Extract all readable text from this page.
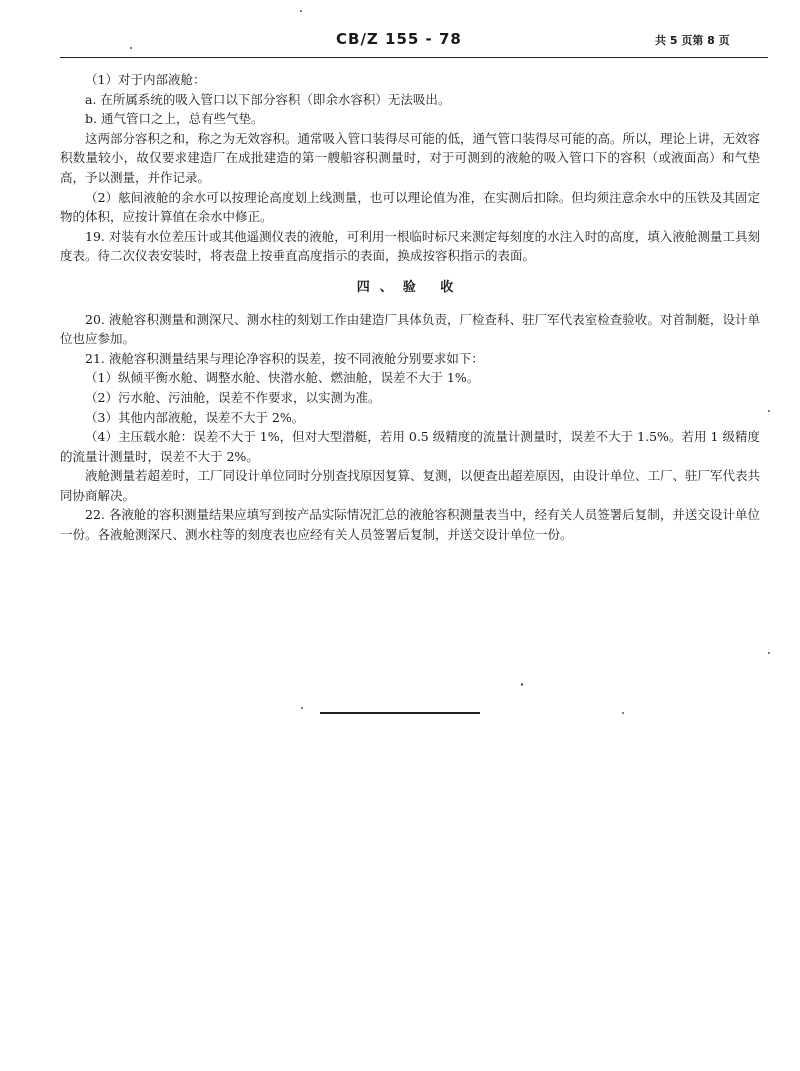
CB/Z 155 - 78	共 5 页第 8 页

（1）对于内部液舱：

a. 在所属系统的吸入管口以下部分容积（即余水容积）无法吸出。

b. 通气管口之上，总有些气垫。

这两部分容积之和，称之为无效容积。通常吸入管口装得尽可能的低，通气管口装得尽可能的高。所以，理论上讲，无效容积数量较小，故仅要求建造厂在成批建造的第一艘船容积测量时，对于可测到的液舱的吸入管口下的容积（或液面高）和气垫高，予以测量，并作记录。

（2）舷间液舱的余水可以按理论高度划上线测量，也可以理论值为准，在实测后扣除。但均须注意余水中的压铁及其固定物的体积，应按计算值在余水中修正。

19. 对装有水位差压计或其他遥测仪表的液舱，可利用一根临时标尺来测定每刻度的水注入时的高度，填入液舱测量工具刻度表。待二次仪表安装时，将表盘上按垂直高度指示的表面，换成按容积指示的表面。

四、验 收

20. 液舱容积测量和测深尺、测水柱的刻划工作由建造厂具体负责，厂检查科、驻厂军代表室检查验收。对首制艇，设计单位也应参加。

21. 液舱容积测量结果与理论净容积的误差，按不同液舱分别要求如下：

（1）纵倾平衡水舱、调整水舱、快潜水舱、燃油舱，误差不大于 1%。

（2）污水舱、污油舱，误差不作要求，以实测为准。

（3）其他内部液舱，误差不大于 2%。

（4）主压载水舱：误差不大于 1%，但对大型潜艇，若用 0.5 级精度的流量计测量时，误差不大于 1.5%。若用 1 级精度的流量计测量时，误差不大于 2%。

液舱测量若超差时，工厂同设计单位同时分别查找原因复算、复测，以便查出超差原因，由设计单位、工厂、驻厂军代表共同协商解决。

22. 各液舱的容积测量结果应填写到按产品实际情况汇总的液舱容积测量表当中，经有关人员签署后复制，并送交设计单位一份。各液舱测深尺、测水柱等的刻度表也应经有关人员签署后复制，并送交设计单位一份。
